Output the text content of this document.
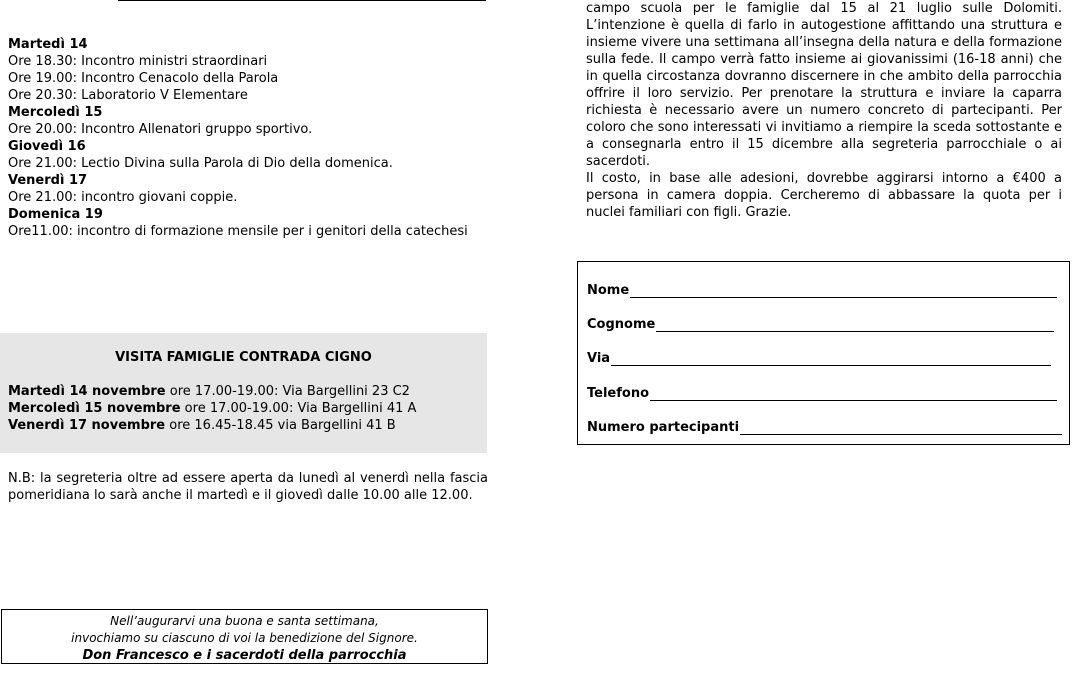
Martedì 14
Ore 18.30: Incontro ministri straordinari
Ore 19.00: Incontro Cenacolo della Parola
Ore 20.30: Laboratorio V Elementare
Mercoledì 15
Ore 20.00: Incontro Allenatori gruppo sportivo.
Giovedì 16
Ore 21.00: Lectio Divina sulla Parola di Dio della domenica.
Venerdì 17
Ore 21.00: incontro giovani coppie.
Domenica 19
Ore11.00: incontro di formazione mensile per i genitori della catechesi
VISITA FAMIGLIE CONTRADA CIGNO
Martedì 14 novembre ore 17.00-19.00: Via Bargellini 23 C2
Mercoledì 15 novembre ore 17.00-19.00: Via Bargellini 41 A
Venerdì 17 novembre ore 16.45-18.45 via Bargellini 41 B
N.B: la segreteria oltre ad essere aperta da lunedì al venerdì nella fascia pomeridiana lo sarà anche il martedì e il giovedì dalle 10.00 alle 12.00.
Nell’augurarvi una buona e santa settimana,
invochiamo su ciascuno di voi la benedizione del Signore.
Don Francesco e i sacerdoti della parrocchia

campo scuola per le famiglie dal 15 al 21 luglio sulle Dolomiti. L’intenzione è quella di farlo in autogestione affittando una struttura e insieme vivere una settimana all’insegna della natura e della formazione sulla fede. Il campo verrà fatto insieme ai giovanissimi (16-18 anni) che in quella circostanza dovranno discernere in che ambito della parrocchia offrire il loro servizio. Per prenotare la struttura e inviare la caparra richiesta è necessario avere un numero concreto di partecipanti. Per coloro che sono interessati vi invitiamo a riempire la sceda sottostante e a consegnarla entro il 15 dicembre alla segreteria parrocchiale o ai sacerdoti.

Il costo, in base alle adesioni, dovrebbe aggirarsi intorno a €400 a persona in camera doppia. Cercheremo di abbassare la quota per i nuclei familiari con figli. Grazie.

Nome
Cognome
Via
Telefono
Numero partecipanti
